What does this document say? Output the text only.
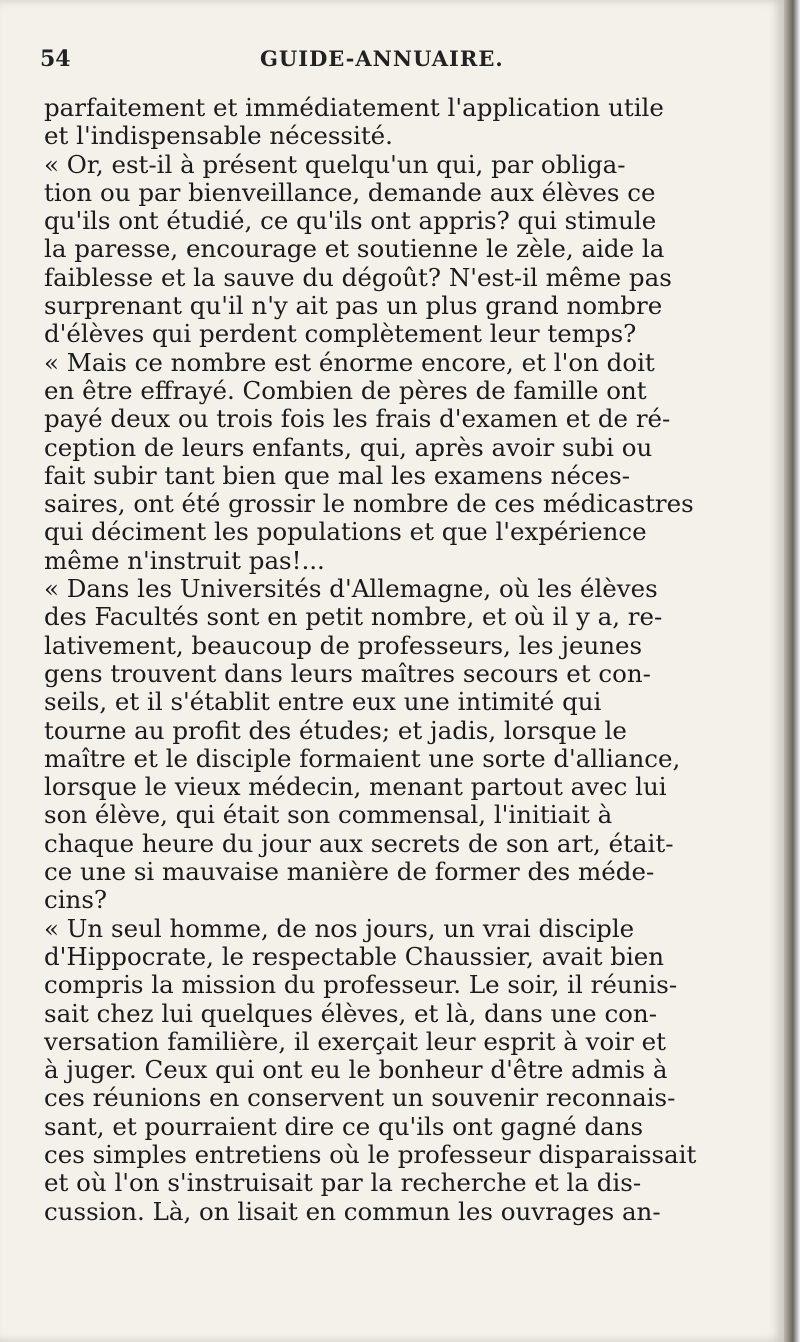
54	GUIDE-ANNUAIRE.
parfaitement et immédiatement l'application utile
et l'indispensable nécessité.
« Or, est-il à présent quelqu'un qui, par obliga-
tion ou par bienveillance, demande aux élèves ce
qu'ils ont étudié, ce qu'ils ont appris? qui stimule
la paresse, encourage et soutienne le zèle, aide la
faiblesse et la sauve du dégoût? N'est-il même pas
surprenant qu'il n'y ait pas un plus grand nombre
d'élèves qui perdent complètement leur temps?
« Mais ce nombre est énorme encore, et l'on doit
en être effrayé. Combien de pères de famille ont
payé deux ou trois fois les frais d'examen et de ré-
ception de leurs enfants, qui, après avoir subi ou
fait subir tant bien que mal les examens néces-
saires, ont été grossir le nombre de ces médicastres
qui déciment les populations et que l'expérience
même n'instruit pas!...
« Dans les Universités d'Allemagne, où les élèves
des Facultés sont en petit nombre, et où il y a, re-
lativement, beaucoup de professeurs, les jeunes
gens trouvent dans leurs maîtres secours et con-
seils, et il s'établit entre eux une intimité qui
tourne au profit des études; et jadis, lorsque le
maître et le disciple formaient une sorte d'alliance,
lorsque le vieux médecin, menant partout avec lui
son élève, qui était son commensal, l'initiait à
chaque heure du jour aux secrets de son art, était-
ce une si mauvaise manière de former des méde-
cins?
« Un seul homme, de nos jours, un vrai disciple
d'Hippocrate, le respectable Chaussier, avait bien
compris la mission du professeur. Le soir, il réunis-
sait chez lui quelques élèves, et là, dans une con-
versation familière, il exerçait leur esprit à voir et
à juger. Ceux qui ont eu le bonheur d'être admis à
ces réunions en conservent un souvenir reconnais-
sant, et pourraient dire ce qu'ils ont gagné dans
ces simples entretiens où le professeur disparaissait
et où l'on s'instruisait par la recherche et la dis-
cussion. Là, on lisait en commun les ouvrages an-
